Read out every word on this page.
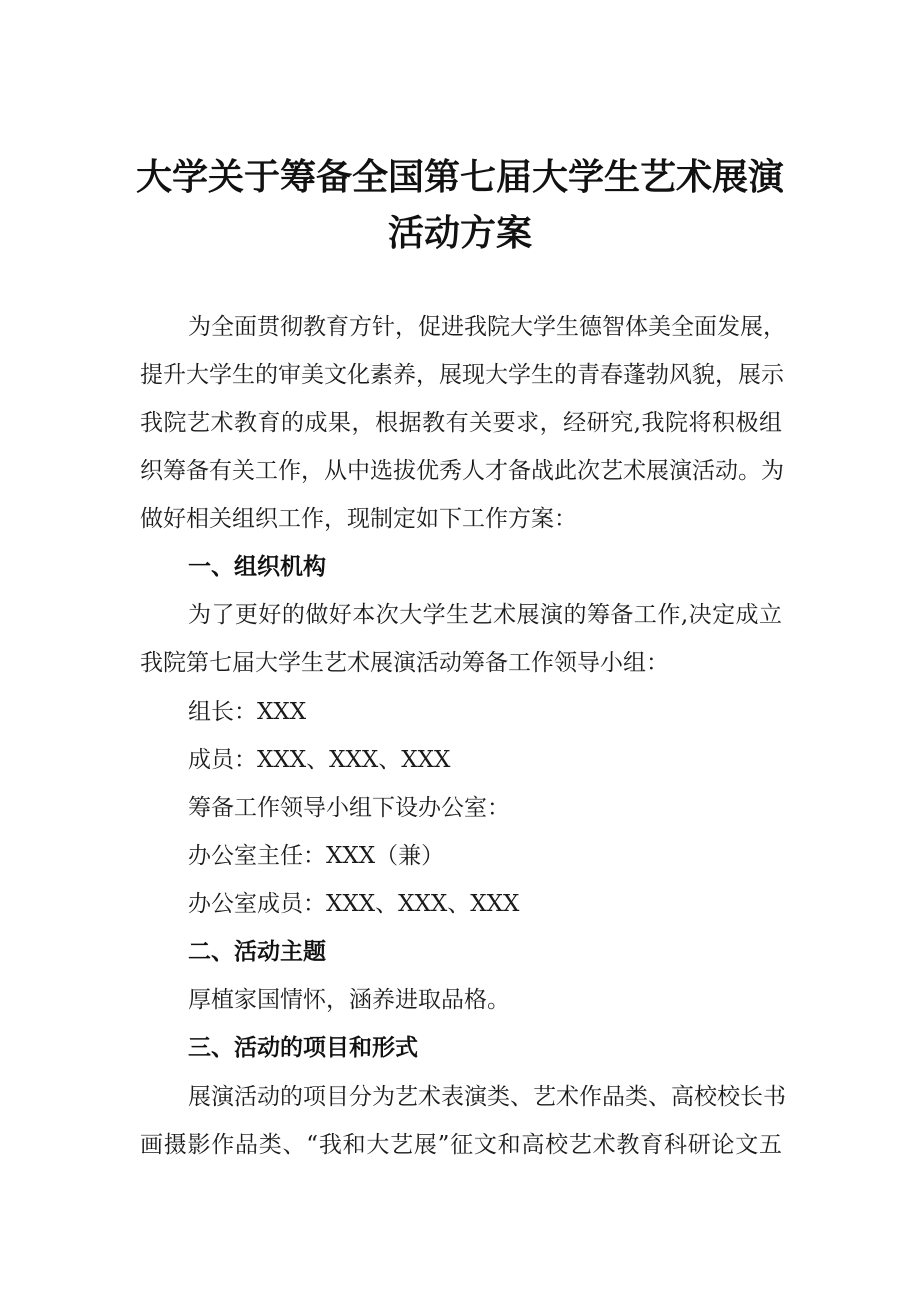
大学关于筹备全国第七届大学生艺术展演
活动方案
为全面贯彻教育方针，促进我院大学生德智体美全面发展，
提升大学生的审美文化素养，展现大学生的青春蓬勃风貌，展示
我院艺术教育的成果，根据教有关要求，经研究,我院将积极组
织筹备有关工作，从中选拔优秀人才备战此次艺术展演活动。为
做好相关组织工作，现制定如下工作方案：
一、组织机构
为了更好的做好本次大学生艺术展演的筹备工作,决定成立
我院第七届大学生艺术展演活动筹备工作领导小组：
组长：XXX
成员：XXX、XXX、XXX
筹备工作领导小组下设办公室：
办公室主任：XXX（兼）
办公室成员：XXX、XXX、XXX
二、活动主题
厚植家国情怀，涵养进取品格。
三、活动的项目和形式
展演活动的项目分为艺术表演类、艺术作品类、高校校长书
画摄影作品类、“我和大艺展”征文和高校艺术教育科研论文五
